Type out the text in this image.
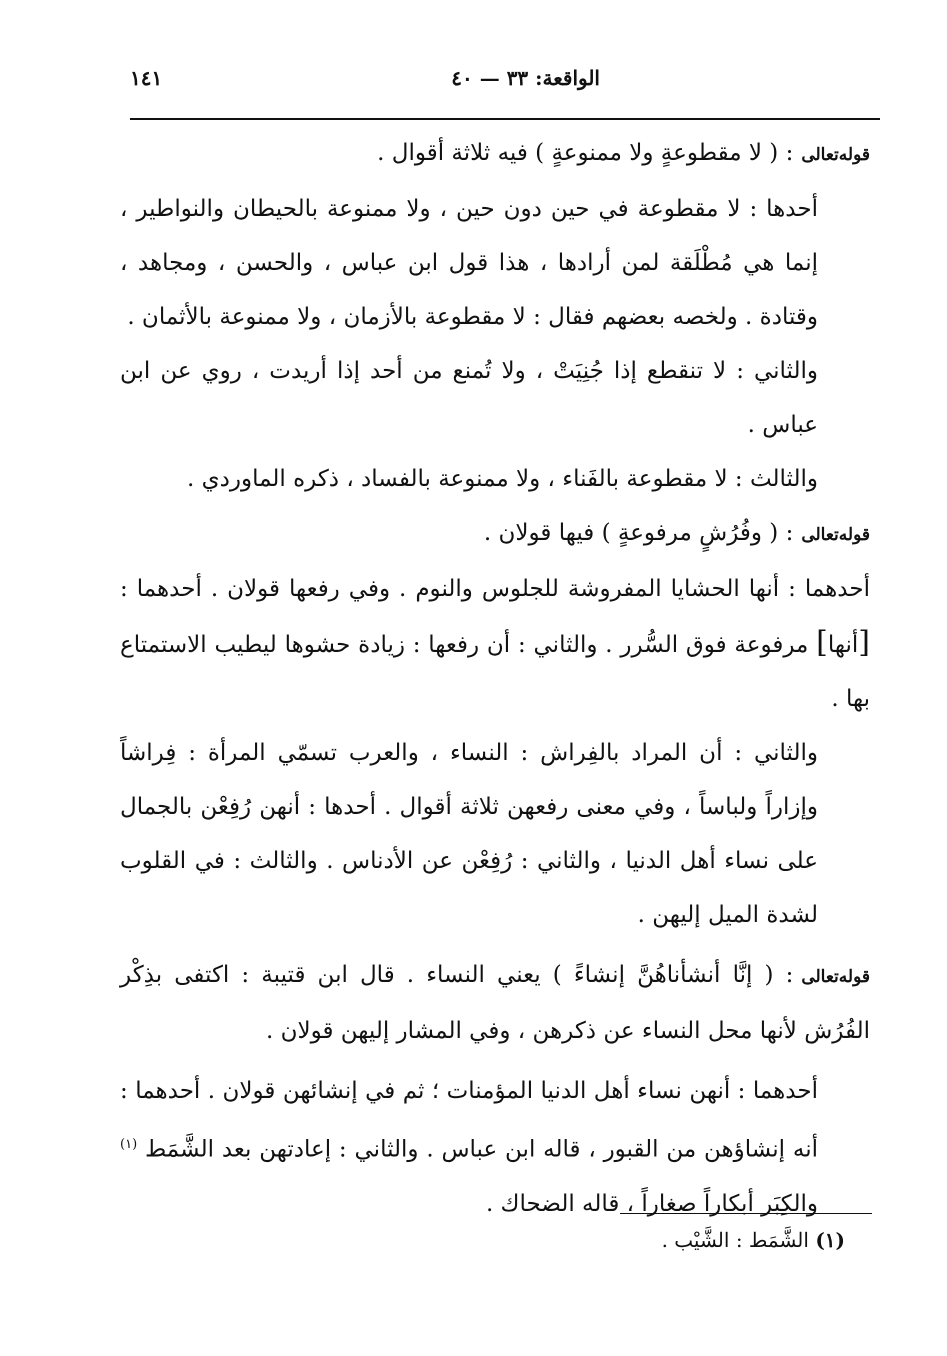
الواقعة: ٣٣ — ٤٠
١٤١

قوله‌تعالى: ( لا مقطوعةٍ ولا ممنوعةٍ ) فيه ثلاثة أقوال .

أحدها : لا مقطوعة في حين دون حين ، ولا ممنوعة بالحيطان والنواطير ، إنما هي مُطْلَقة لمن أرادها ، هذا قول ابن عباس ، والحسن ، ومجاهد ، وقتادة . ولخصه بعضهم فقال : لا مقطوعة بالأزمان ، ولا ممنوعة بالأثمان .

والثاني : لا تنقطع إذا جُنِيَتْ ، ولا تُمنع من أحد إذا أريدت ، روي عن ابن عباس .

والثالث : لا مقطوعة بالفَناء ، ولا ممنوعة بالفساد ، ذكره الماوردي .

قوله‌تعالى: ( وفُرُشٍ مرفوعةٍ ) فيها قولان .

أحدهما : أنها الحشايا المفروشة للجلوس والنوم . وفي رفعها قولان . أحدهما : [أنها] مرفوعة فوق السُّرر . والثاني : أن رفعها : زيادة حشوها ليطيب الاستمتاع بها .

والثاني : أن المراد بالفِراش : النساء ، والعرب تسمّي المرأة : فِراشاً وإزاراً ولباساً ، وفي معنى رفعهن ثلاثة أقوال . أحدها : أنهن رُفِعْن بالجمال على نساء أهل الدنيا ، والثاني : رُفِعْن عن الأدناس . والثالث : في القلوب لشدة الميل إليهن .

قوله‌تعالى: ( إنَّا أنشأناهُنَّ إنشاءً ) يعني النساء . قال ابن قتيبة : اكتفى بذِكْر الفُرُش لأنها محل النساء عن ذكرهن ، وفي المشار إليهن قولان .

أحدهما : أنهن نساء أهل الدنيا المؤمنات ؛ ثم في إنشائهن قولان . أحدهما : أنه إنشاؤهن من القبور ، قاله ابن عباس . والثاني : إعادتهن بعد الشَّمَط $^{(١)}$ والكِبَر أبكاراً صغاراً ، قاله الضحاك .

(١) الشَّمَط : الشَّيْب .
